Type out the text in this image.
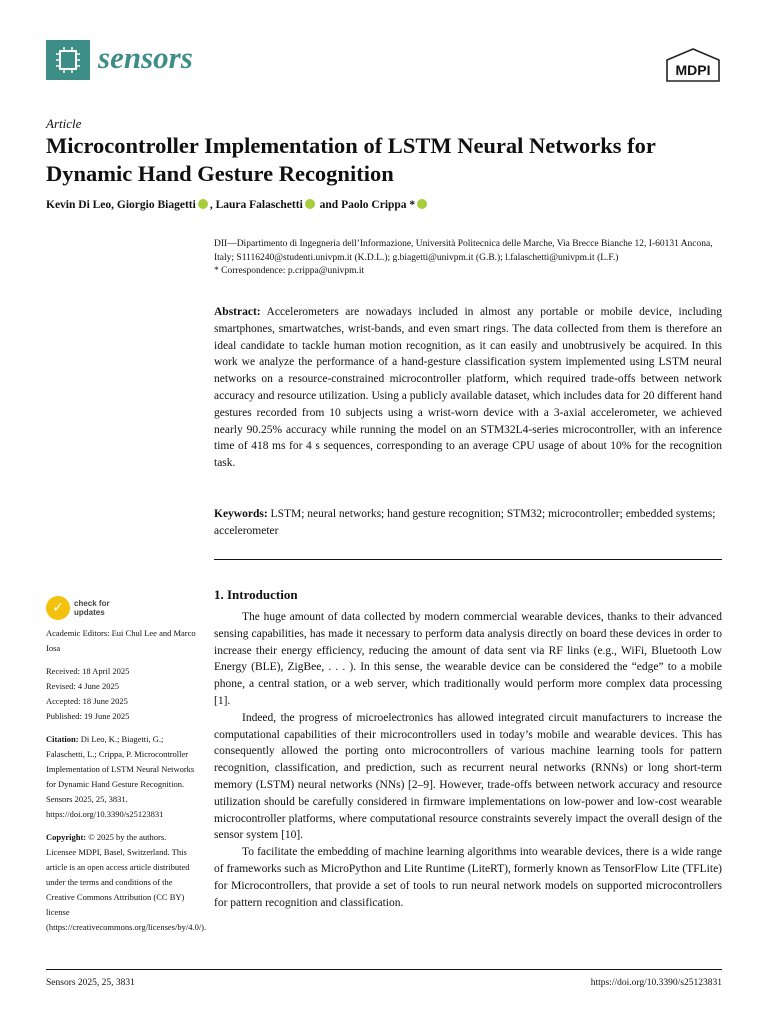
sensors	MDPI
Article
Microcontroller Implementation of LSTM Neural Networks for Dynamic Hand Gesture Recognition
Kevin Di Leo, Giorgio Biagetti , Laura Falaschetti and Paolo Crippa *
DII—Dipartimento di Ingegneria dell’Informazione, Università Politecnica delle Marche, Via Brecce Bianche 12, I-60131 Ancona, Italy; S1116240@studenti.univpm.it (K.D.L.); g.biagetti@univpm.it (G.B.); l.falaschetti@univpm.it (L.F.)
* Correspondence: p.crippa@univpm.it
Abstract: Accelerometers are nowadays included in almost any portable or mobile device, including smartphones, smartwatches, wrist-bands, and even smart rings. The data collected from them is therefore an ideal candidate to tackle human motion recognition, as it can easily and unobtrusively be acquired. In this work we analyze the performance of a hand-gesture classification system implemented using LSTM neural networks on a resource-constrained microcontroller platform, which required trade-offs between network accuracy and resource utilization. Using a publicly available dataset, which includes data for 20 different hand gestures recorded from 10 subjects using a wrist-worn device with a 3-axial accelerometer, we achieved nearly 90.25% accuracy while running the model on an STM32L4-series microcontroller, with an inference time of 418 ms for 4 s sequences, corresponding to an average CPU usage of about 10% for the recognition task.
Keywords: LSTM; neural networks; hand gesture recognition; STM32; microcontroller; embedded systems; accelerometer
1. Introduction

The huge amount of data collected by modern commercial wearable devices, thanks to their advanced sensing capabilities, has made it necessary to perform data analysis directly on board these devices in order to increase their energy efficiency, reducing the amount of data sent via RF links (e.g., WiFi, Bluetooth Low Energy (BLE), ZigBee, . . . ). In this sense, the wearable device can be considered the “edge” to a mobile phone, a central station, or a web server, which traditionally would perform more complex data processing [1].

Indeed, the progress of microelectronics has allowed integrated circuit manufacturers to increase the computational capabilities of their microcontrollers used in today’s mobile and wearable devices. This has consequently allowed the porting onto microcontrollers of various machine learning tools for pattern recognition, classification, and prediction, such as recurrent neural networks (RNNs) or long short-term memory (LSTM) neural networks (NNs) [2–9]. However, trade-offs between network accuracy and resource utilization should be carefully considered in firmware implementations on low-power and low-cost wearable microcontroller platforms, where computational resource constraints severely impact the overall design of the sensor system [10].

To facilitate the embedding of machine learning algorithms into wearable devices, there is a wide range of frameworks such as MicroPython and Lite Runtime (LiteRT), formerly known as TensorFlow Lite (TFLite) for Microcontrollers, that provide a set of tools to run neural network models on supported microcontrollers for pattern recognition and classification.

✓	check for
updates

Academic Editors: Eui Chul Lee and Marco Iosa

Received: 18 April 2025
Revised: 4 June 2025
Accepted: 18 June 2025

Published: 19 June 2025

Citation: Di Leo, K.; Biagetti, G.; Falaschetti, L.; Crippa, P. Microcontroller Implementation of LSTM Neural Networks for Dynamic Hand Gesture Recognition. Sensors 2025, 25, 3831. https://doi.org/10.3390/s25123831

Copyright: © 2025 by the authors. Licensee MDPI, Basel, Switzerland. This article is an open access article distributed under the terms and conditions of the Creative Commons Attribution (CC BY) license (https://creativecommons.org/licenses/by/4.0/).

Sensors 2025, 25, 3831	https://doi.org/10.3390/s25123831
